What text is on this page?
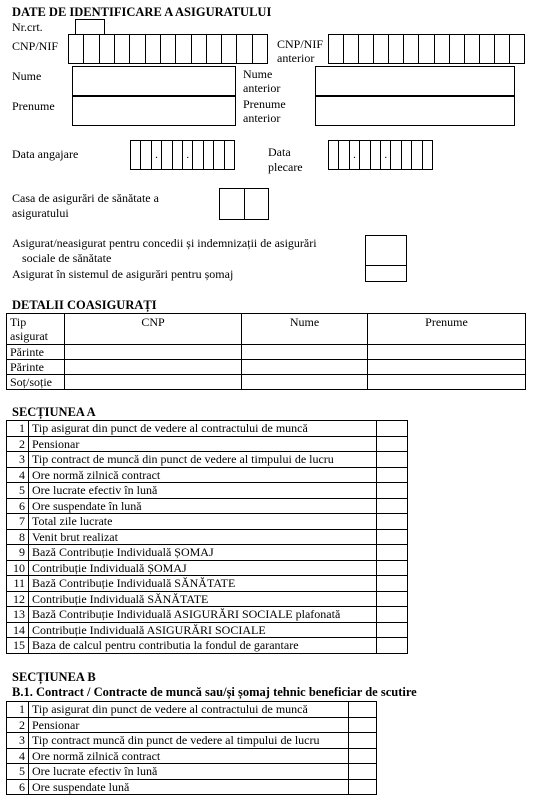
DATE DE IDENTIFICARE A ASIGURATULUI
Nr.crt.
CNP/NIF	CNP/NIF
anterior
Nume	Nume
anterior
Prenume	Prenume
anterior
Data angajare	.	.	Data
plecare
.	.
Casa de asigurări de sănătate a
asiguratului
Asigurat/neasigurat pentru concedii și indemnizații de asigurări
sociale de sănătate
Asigurat în sistemul de asigurări pentru șomaj
DETALII COASIGURAȚI
Tip
asigurat	CNP	Nume	Prenume
Părinte	

Părinte	

Soț/soție	

SECȚIUNEA A
1	Tip asigurat din punct de vedere al contractului de muncă	
2	Pensionar	
3	Tip contract de muncă din punct de vedere al timpului de lucru	
4	Ore normă zilnică contract	
5	Ore lucrate efectiv în lună	
6	Ore suspendate în lună	
7	Total zile lucrate	
8	Venit brut realizat	
9	Bază Contribuție Individuală ȘOMAJ	
10	Contribuție Individuală ȘOMAJ	
11	Bază Contribuție Individuală SĂNĂTATE	
12	Contribuție Individuală SĂNĂTATE	
13	Bază Contribuție Individuală ASIGURĂRI SOCIALE plafonată	
14	Contribuție Individuală ASIGURĂRI SOCIALE	
15	Baza de calcul pentru contributia la fondul de garantare	
SECȚIUNEA B
B.1. Contract / Contracte de muncă sau/și șomaj tehnic beneficiar de scutire
1	Tip asigurat din punct de vedere al contractului de muncă	
2	Pensionar	
3	Tip contract muncă din punct de vedere al timpului de lucru	
4	Ore normă zilnică contract	
5	Ore lucrate efectiv în lună	
6	Ore suspendate lună	
